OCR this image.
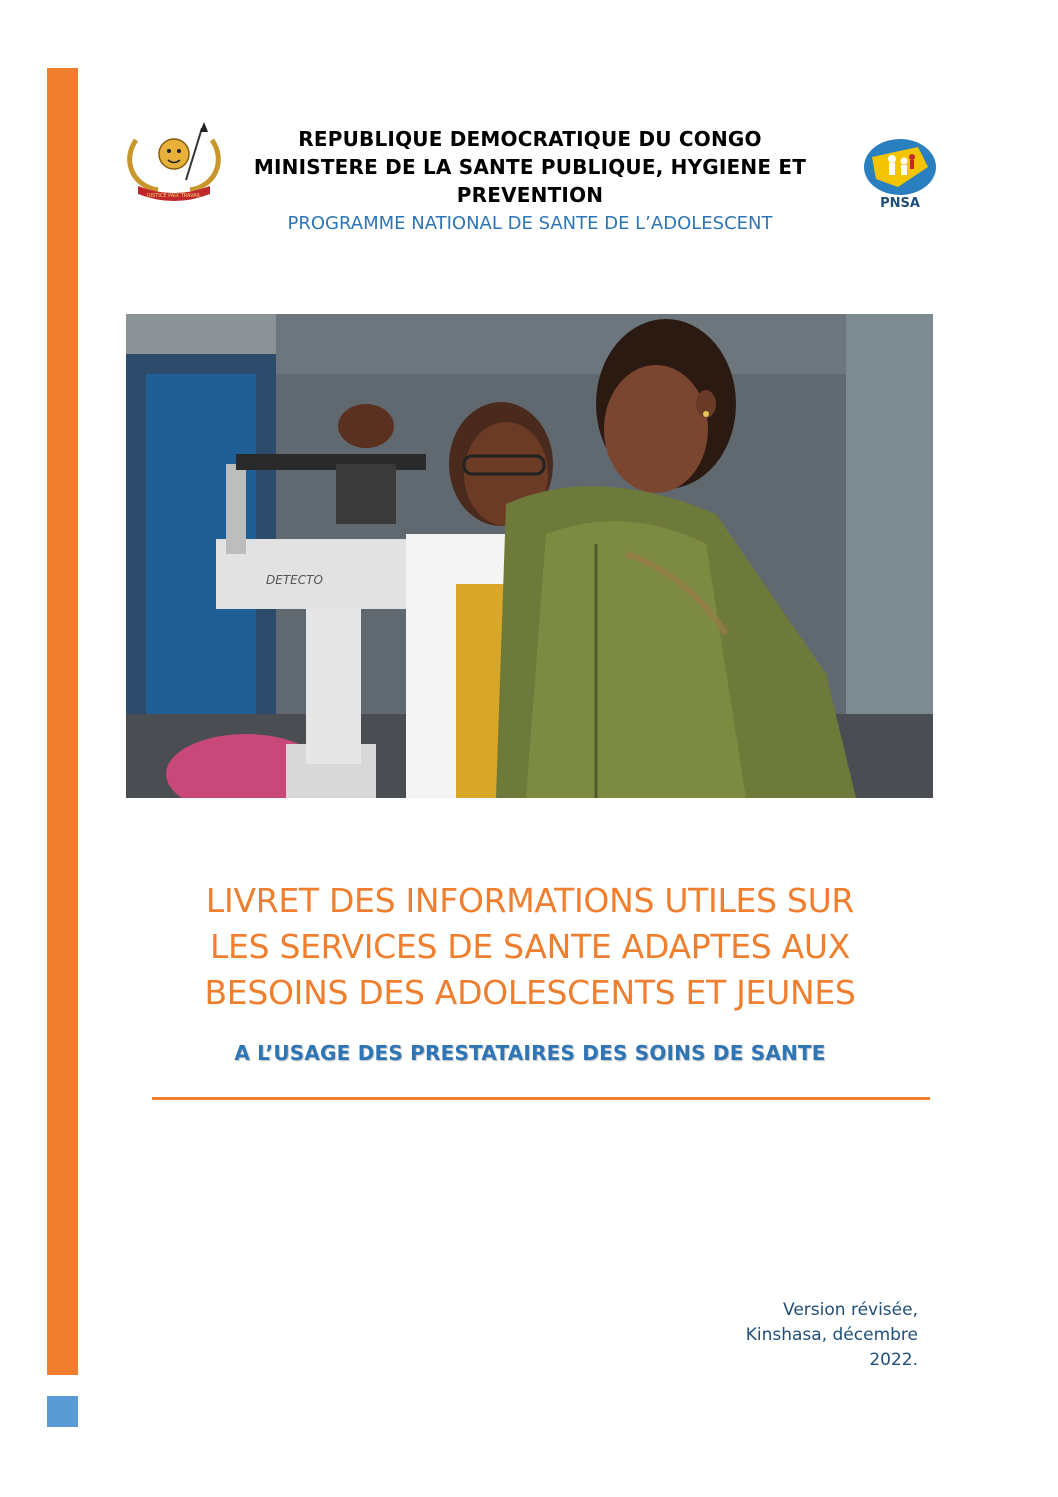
JUSTICE PAIX TRAVAIL
REPUBLIQUE DEMOCRATIQUE DU CONGO
MINISTERE DE LA SANTE PUBLIQUE, HYGIENE ET
PREVENTION
PROGRAMME NATIONAL DE SANTE DE L’ADOLESCENT
PNSA
DETECTO
LIVRET DES INFORMATIONS UTILES SUR
LES SERVICES DE SANTE ADAPTES AUX
BESOINS DES ADOLESCENTS ET JEUNES
A L’USAGE DES PRESTATAIRES DES SOINS DE SANTE
Version révisée,
Kinshasa, décembre
2022.
